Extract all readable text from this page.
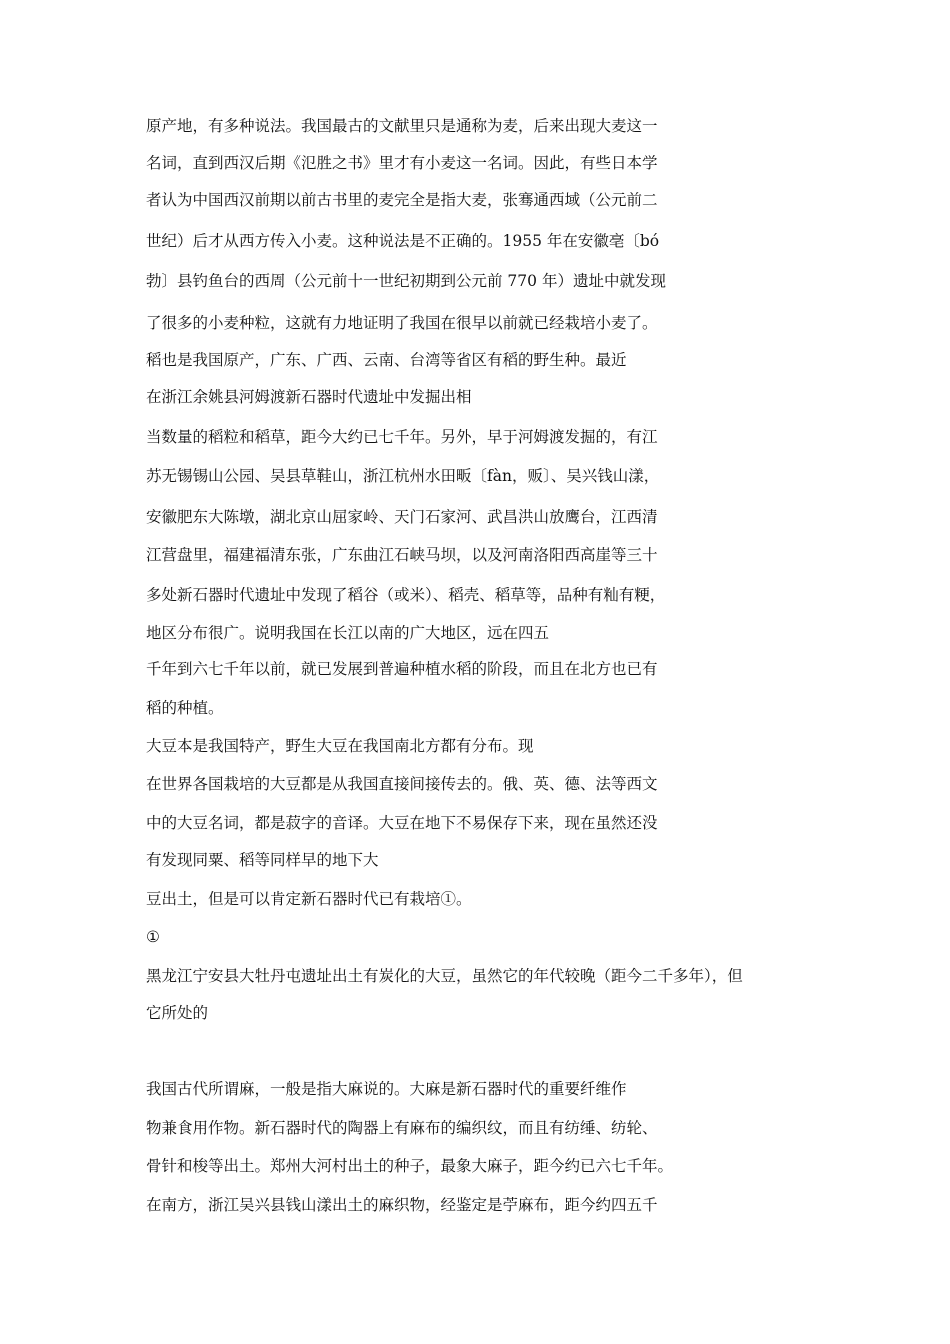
原产地，有多种说法。我国最古的文献里只是通称为麦，后来出现大麦这一
名词，直到西汉后期《氾胜之书》里才有小麦这一名词。因此，有些日本学
者认为中国西汉前期以前古书里的麦完全是指大麦，张骞通西域（公元前二
世纪）后才从西方传入小麦。这种说法是不正确的。1955 年在安徽亳〔bó
勃〕县钓鱼台的西周（公元前十一世纪初期到公元前 770 年）遗址中就发现
了很多的小麦种粒，这就有力地证明了我国在很早以前就已经栽培小麦了。
稻也是我国原产，广东、广西、云南、台湾等省区有稻的野生种。最近
在浙江余姚县河姆渡新石器时代遗址中发掘出相
当数量的稻粒和稻草，距今大约已七千年。另外，早于河姆渡发掘的，有江
苏无锡锡山公园、吴县草鞋山，浙江杭州水田畈〔fàn，贩〕、吴兴钱山漾，
安徽肥东大陈墩，湖北京山屈家岭、天门石家河、武昌洪山放鹰台，江西清
江营盘里，福建福清东张，广东曲江石峡马坝，以及河南洛阳西高崖等三十
多处新石器时代遗址中发现了稻谷（或米）、稻壳、稻草等，品种有籼有粳，
地区分布很广。说明我国在长江以南的广大地区，远在四五
千年到六七千年以前，就已发展到普遍种植水稻的阶段，而且在北方也已有
稻的种植。
大豆本是我国特产，野生大豆在我国南北方都有分布。现
在世界各国栽培的大豆都是从我国直接间接传去的。俄、英、德、法等西文
中的大豆名词，都是菽字的音译。大豆在地下不易保存下来，现在虽然还没
有发现同粟、稻等同样早的地下大
豆出土，但是可以肯定新石器时代已有栽培①。
①
黑龙江宁安县大牡丹屯遗址出土有炭化的大豆，虽然它的年代较晚（距今二千多年），但
它所处的
我国古代所谓麻，一般是指大麻说的。大麻是新石器时代的重要纤维作
物兼食用作物。新石器时代的陶器上有麻布的编织纹，而且有纺缍、纺轮、
骨针和梭等出土。郑州大河村出土的种子，最象大麻子，距今约已六七千年。
在南方，浙江吴兴县钱山漾出土的麻织物，经鉴定是苧麻布，距今约四五千
